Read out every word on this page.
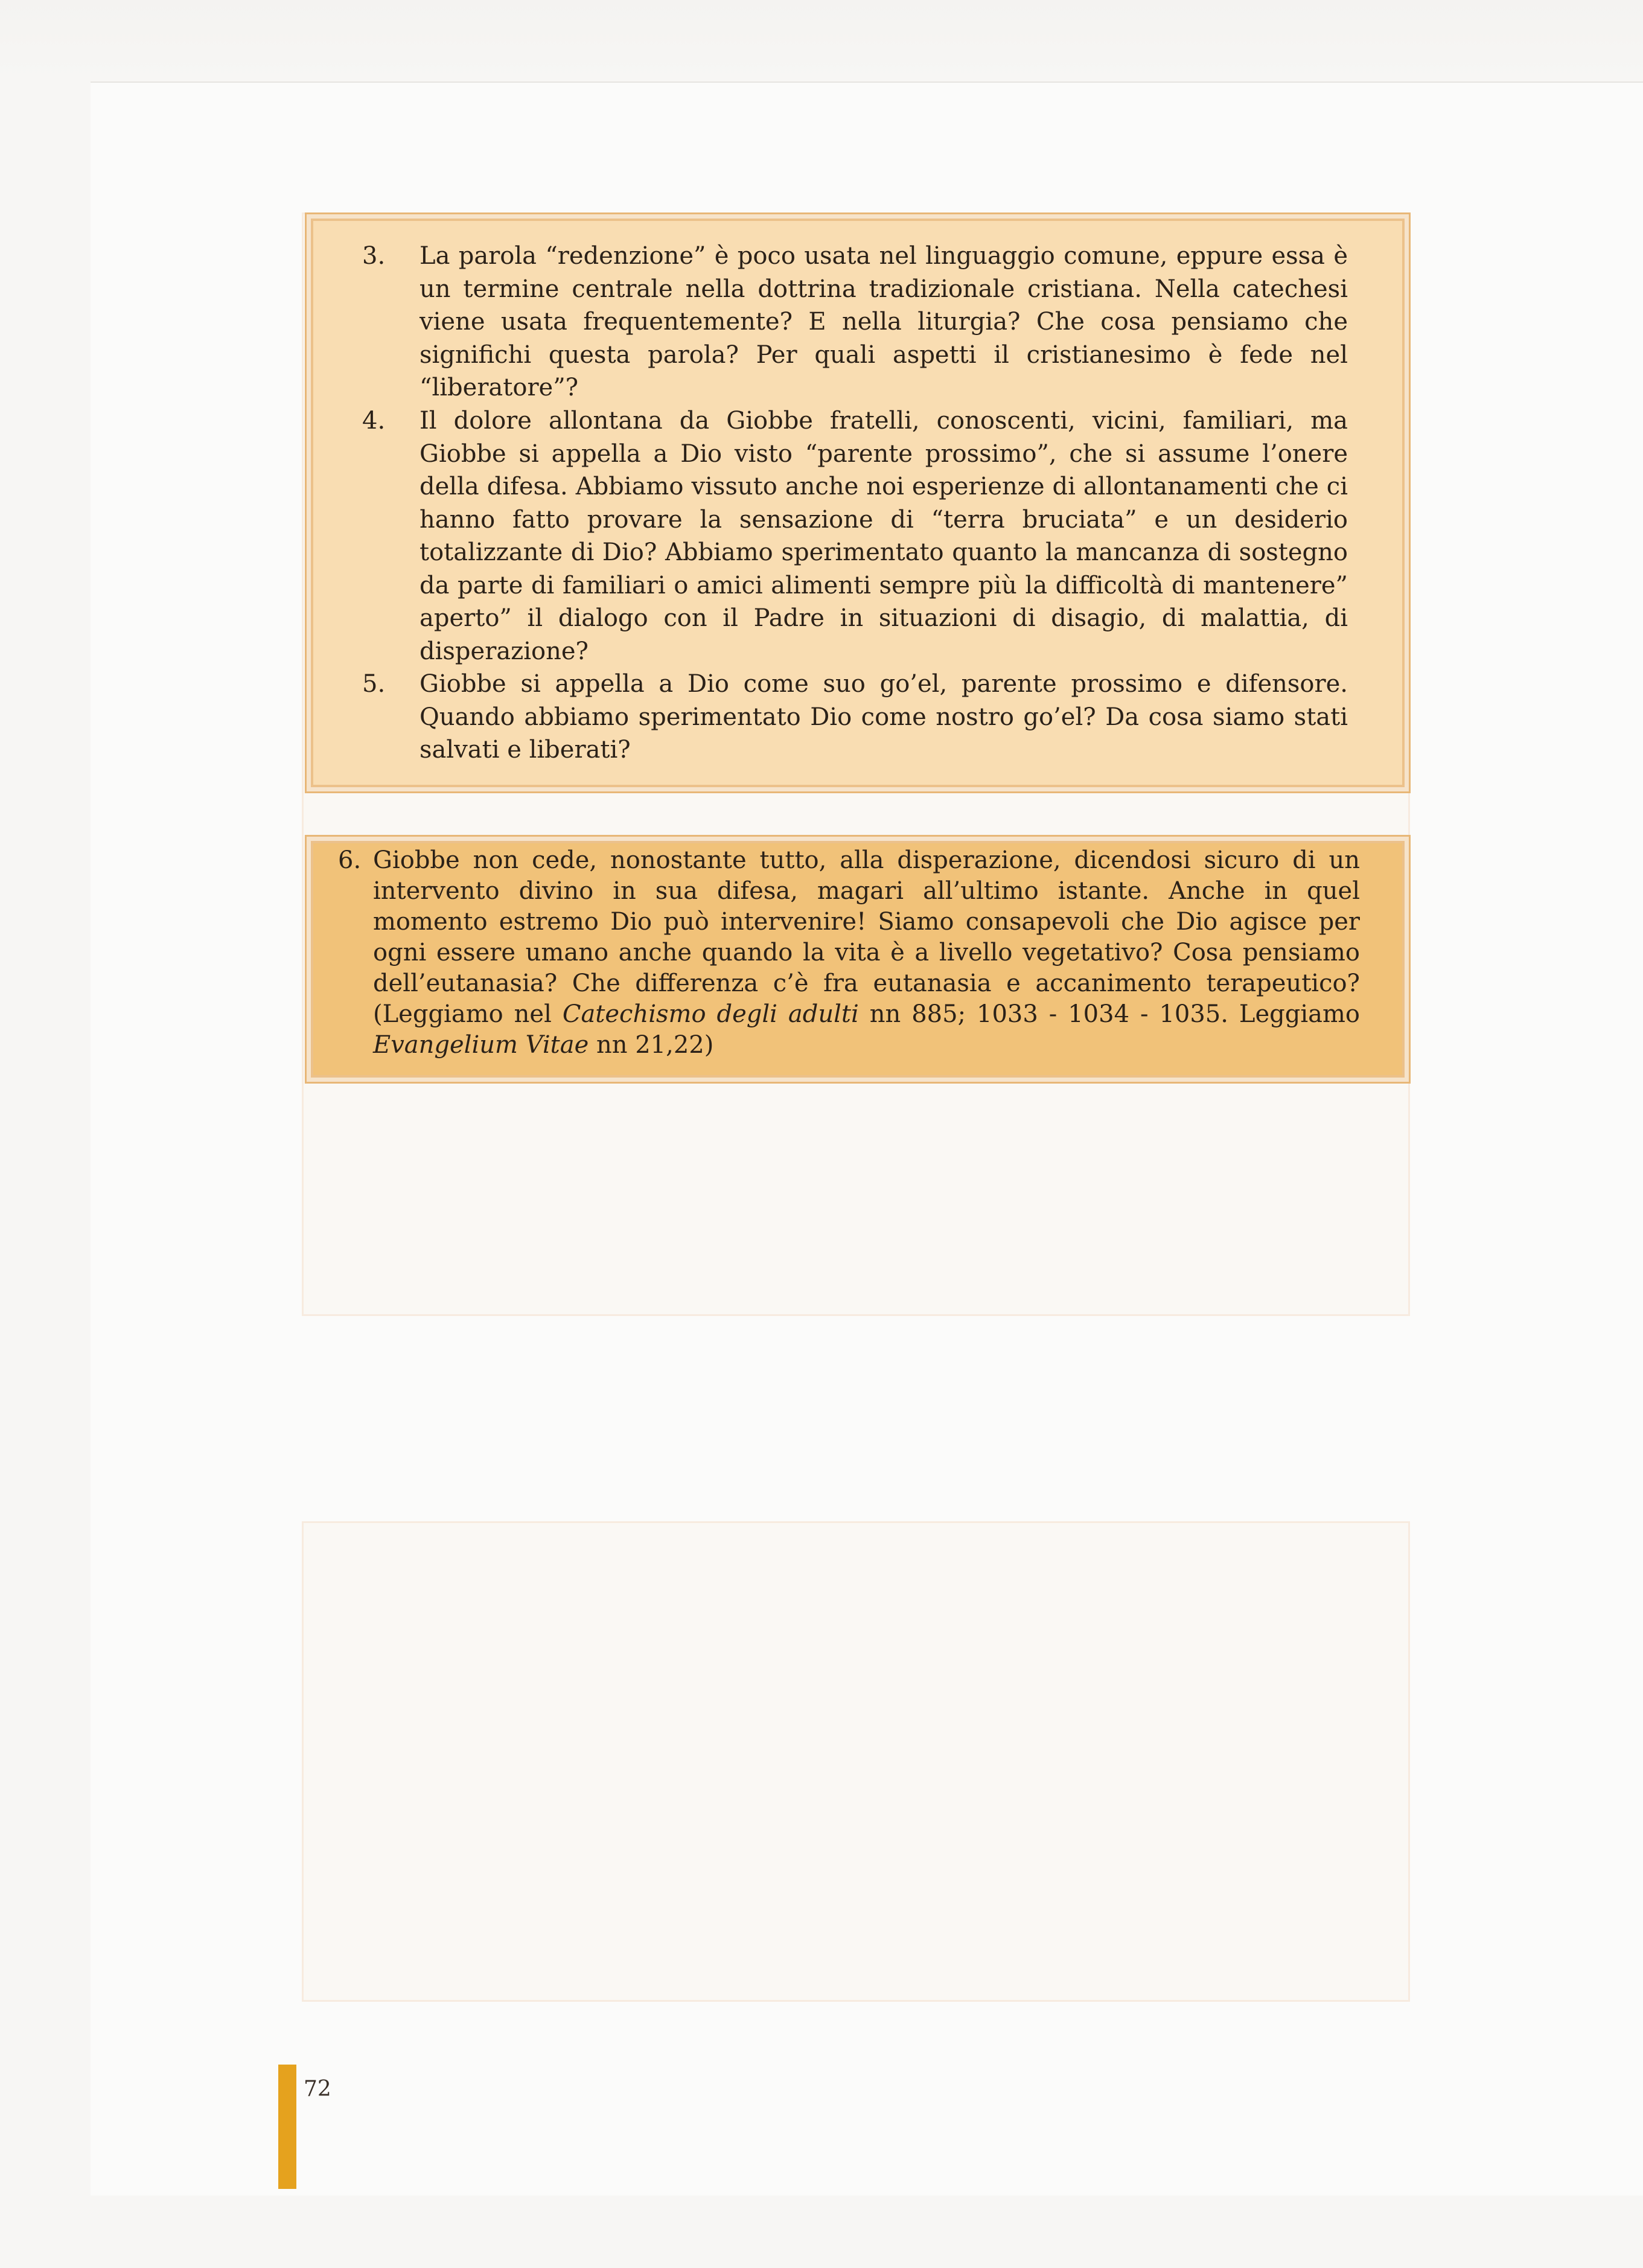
3. La parola “redenzione” è poco usata nel linguaggio comune, eppure essa è un termine centrale nella dottrina tradizionale cristiana. Nella catechesi viene usata frequentemente? E nella liturgia? Che cosa pensiamo che significhi questa parola? Per quali aspetti il cristianesimo è fede nel “liberatore”?
4. Il dolore allontana da Giobbe fratelli, conoscenti, vicini, familiari, ma Giobbe si appella a Dio visto “parente prossimo”, che si assume l’onere della difesa. Abbiamo vissuto anche noi esperienze di allontanamenti che ci hanno fatto provare la sensazione di “terra bruciata” e un desiderio totalizzante di Dio? Abbiamo sperimentato quanto la mancanza di sostegno da parte di familiari o amici alimenti sempre più la difficoltà di mantenere” aperto” il dialogo con il Padre in situazioni di disagio, di malattia, di disperazione?
5. Giobbe si appella a Dio come suo go’el, parente prossimo e difensore. Quando abbiamo sperimentato Dio come nostro go’el? Da cosa siamo stati salvati e liberati?
6. Giobbe non cede, nonostante tutto, alla disperazione, dicendosi sicuro di un intervento divino in sua difesa, magari all’ultimo istante. Anche in quel momento estremo Dio può intervenire! Siamo consapevoli che Dio agisce per ogni essere umano anche quando la vita è a livello vegetativo? Cosa pensiamo dell’eutanasia? Che differenza c’è fra eutanasia e accanimento terapeutico? (Leggiamo nel Catechismo degli adulti nn 885; 1033 - 1034 - 1035. Leggiamo Evangelium Vitae nn 21,22)
72
